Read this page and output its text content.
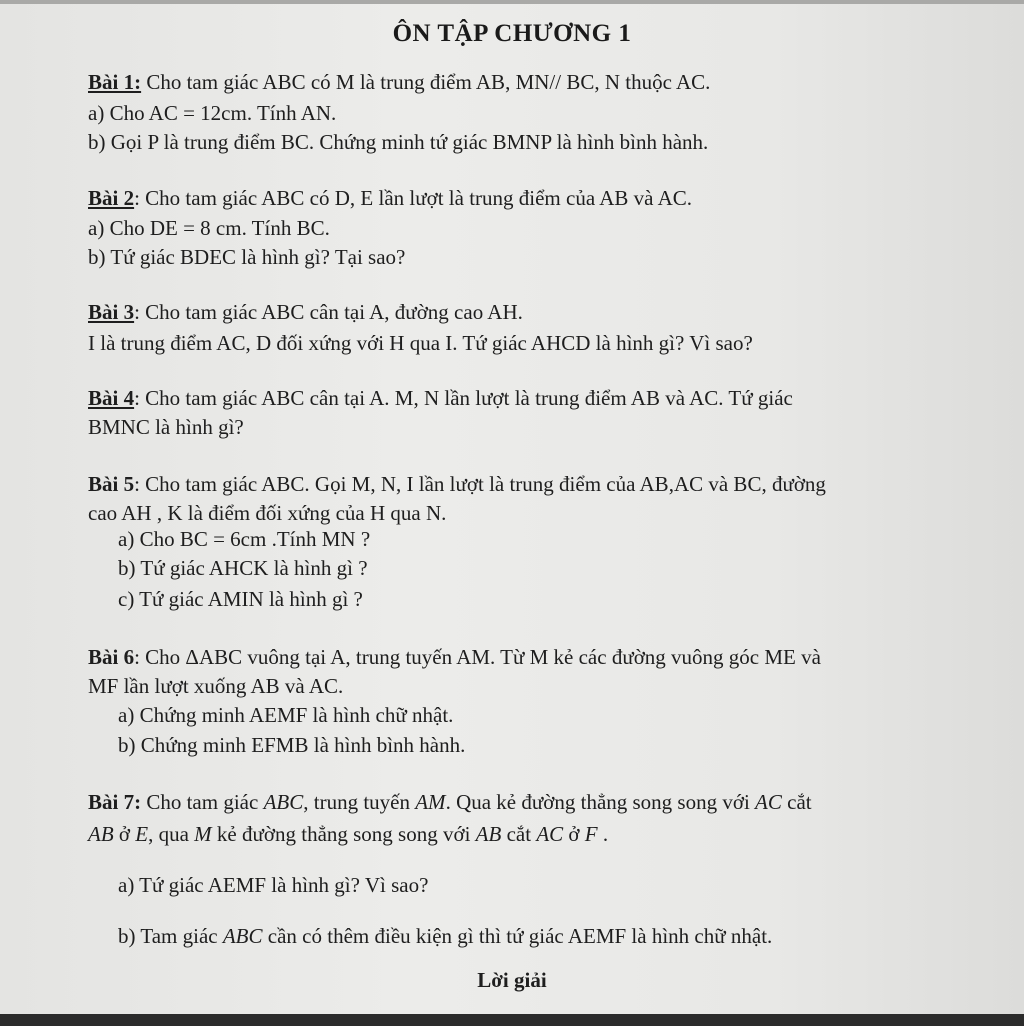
ÔN TẬP CHƯƠNG 1
Bài 1: Cho tam giác ABC có M là trung điểm AB, MN// BC, N thuộc AC.
a) Cho AC = 12cm. Tính AN.
b) Gọi P là trung điểm BC. Chứng minh tứ giác BMNP là hình bình hành.
Bài 2: Cho tam giác ABC có D, E lần lượt là trung điểm của AB và AC.
a) Cho DE = 8 cm. Tính BC.
b) Tứ giác BDEC là hình gì? Tại sao?
Bài 3: Cho tam giác ABC cân tại A, đường cao AH.
I là trung điểm AC, D đối xứng với H qua I. Tứ giác AHCD là hình gì? Vì sao?
Bài 4: Cho tam giác ABC cân tại A. M, N lần lượt là trung điểm AB và AC. Tứ giác
BMNC là hình gì?
Bài 5: Cho tam giác ABC. Gọi M, N, I lần lượt là trung điểm của AB,AC và BC, đường
cao AH , K là điểm đối xứng của H qua N.
a) Cho BC = 6cm .Tính MN ?
b) Tứ giác AHCK là hình gì ?
c) Tứ giác AMIN là hình gì ?
Bài 6: Cho ΔABC vuông tại A, trung tuyến AM. Từ M kẻ các đường vuông góc ME và
MF lần lượt xuống AB và AC.
a) Chứng minh AEMF là hình chữ nhật.
b) Chứng minh EFMB là hình bình hành.
Bài 7: Cho tam giác ABC, trung tuyến AM. Qua kẻ đường thẳng song song với AC cắt
AB ở E, qua M kẻ đường thẳng song song với AB cắt AC ở F .
a) Tứ giác AEMF là hình gì? Vì sao?
b) Tam giác ABC cần có thêm điều kiện gì thì tứ giác AEMF là hình chữ nhật.
Lời giải
